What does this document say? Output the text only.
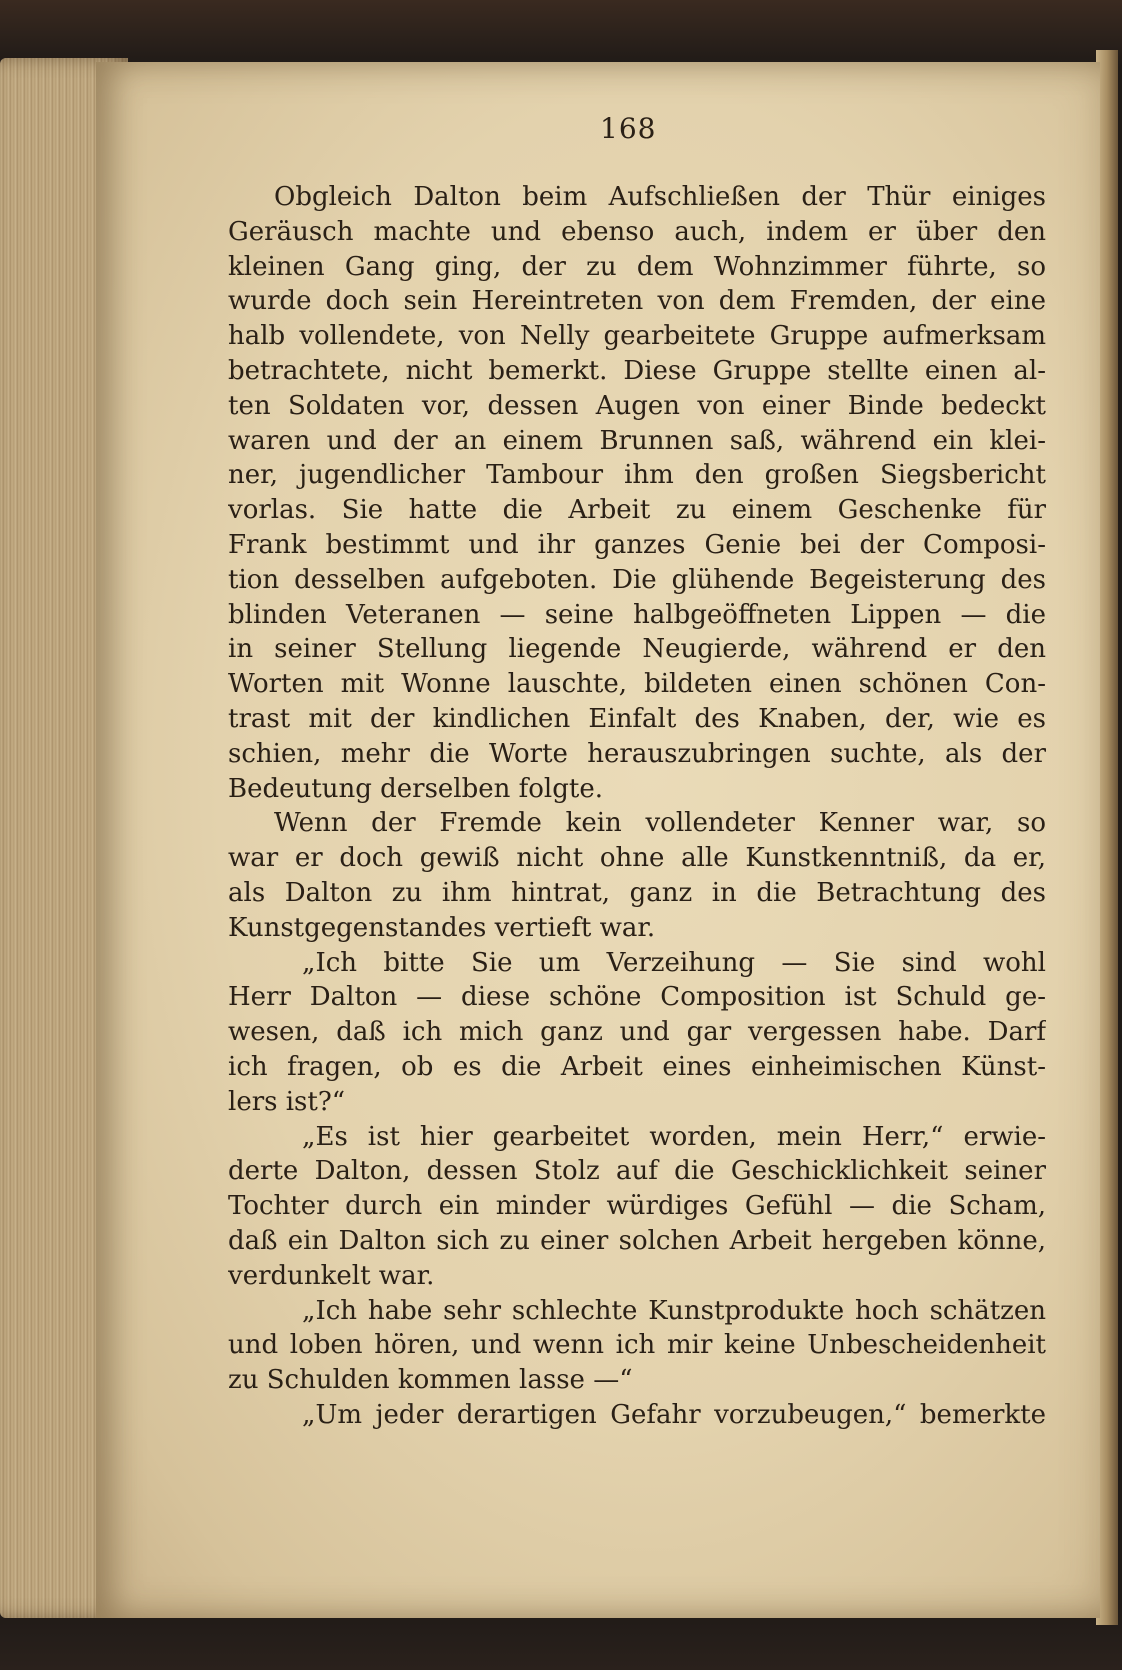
168
Obgleich Dalton beim Aufschließen der Thür einiges
Geräusch machte und ebenso auch, indem er über den
kleinen Gang ging, der zu dem Wohnzimmer führte, so
wurde doch sein Hereintreten von dem Fremden, der eine
halb vollendete, von Nelly gearbeitete Gruppe aufmerksam
betrachtete, nicht bemerkt. Diese Gruppe stellte einen al-
ten Soldaten vor, dessen Augen von einer Binde bedeckt
waren und der an einem Brunnen saß, während ein klei-
ner, jugendlicher Tambour ihm den großen Siegsbericht
vorlas. Sie hatte die Arbeit zu einem Geschenke für
Frank bestimmt und ihr ganzes Genie bei der Composi-
tion desselben aufgeboten. Die glühende Begeisterung des
blinden Veteranen — seine halbgeöffneten Lippen — die
in seiner Stellung liegende Neugierde, während er den
Worten mit Wonne lauschte, bildeten einen schönen Con-
trast mit der kindlichen Einfalt des Knaben, der, wie es
schien, mehr die Worte herauszubringen suchte, als der
Bedeutung derselben folgte.
Wenn der Fremde kein vollendeter Kenner war, so
war er doch gewiß nicht ohne alle Kunstkenntniß, da er,
als Dalton zu ihm hintrat, ganz in die Betrachtung des
Kunstgegenstandes vertieft war.
„Ich bitte Sie um Verzeihung — Sie sind wohl
Herr Dalton — diese schöne Composition ist Schuld ge-
wesen, daß ich mich ganz und gar vergessen habe. Darf
ich fragen, ob es die Arbeit eines einheimischen Künst-
lers ist?“
„Es ist hier gearbeitet worden, mein Herr,“ erwie-
derte Dalton, dessen Stolz auf die Geschicklichkeit seiner
Tochter durch ein minder würdiges Gefühl — die Scham,
daß ein Dalton sich zu einer solchen Arbeit hergeben könne,
verdunkelt war.
„Ich habe sehr schlechte Kunstprodukte hoch schätzen
und loben hören, und wenn ich mir keine Unbescheidenheit
zu Schulden kommen lasse —“
„Um jeder derartigen Gefahr vorzubeugen,“ bemerkte
